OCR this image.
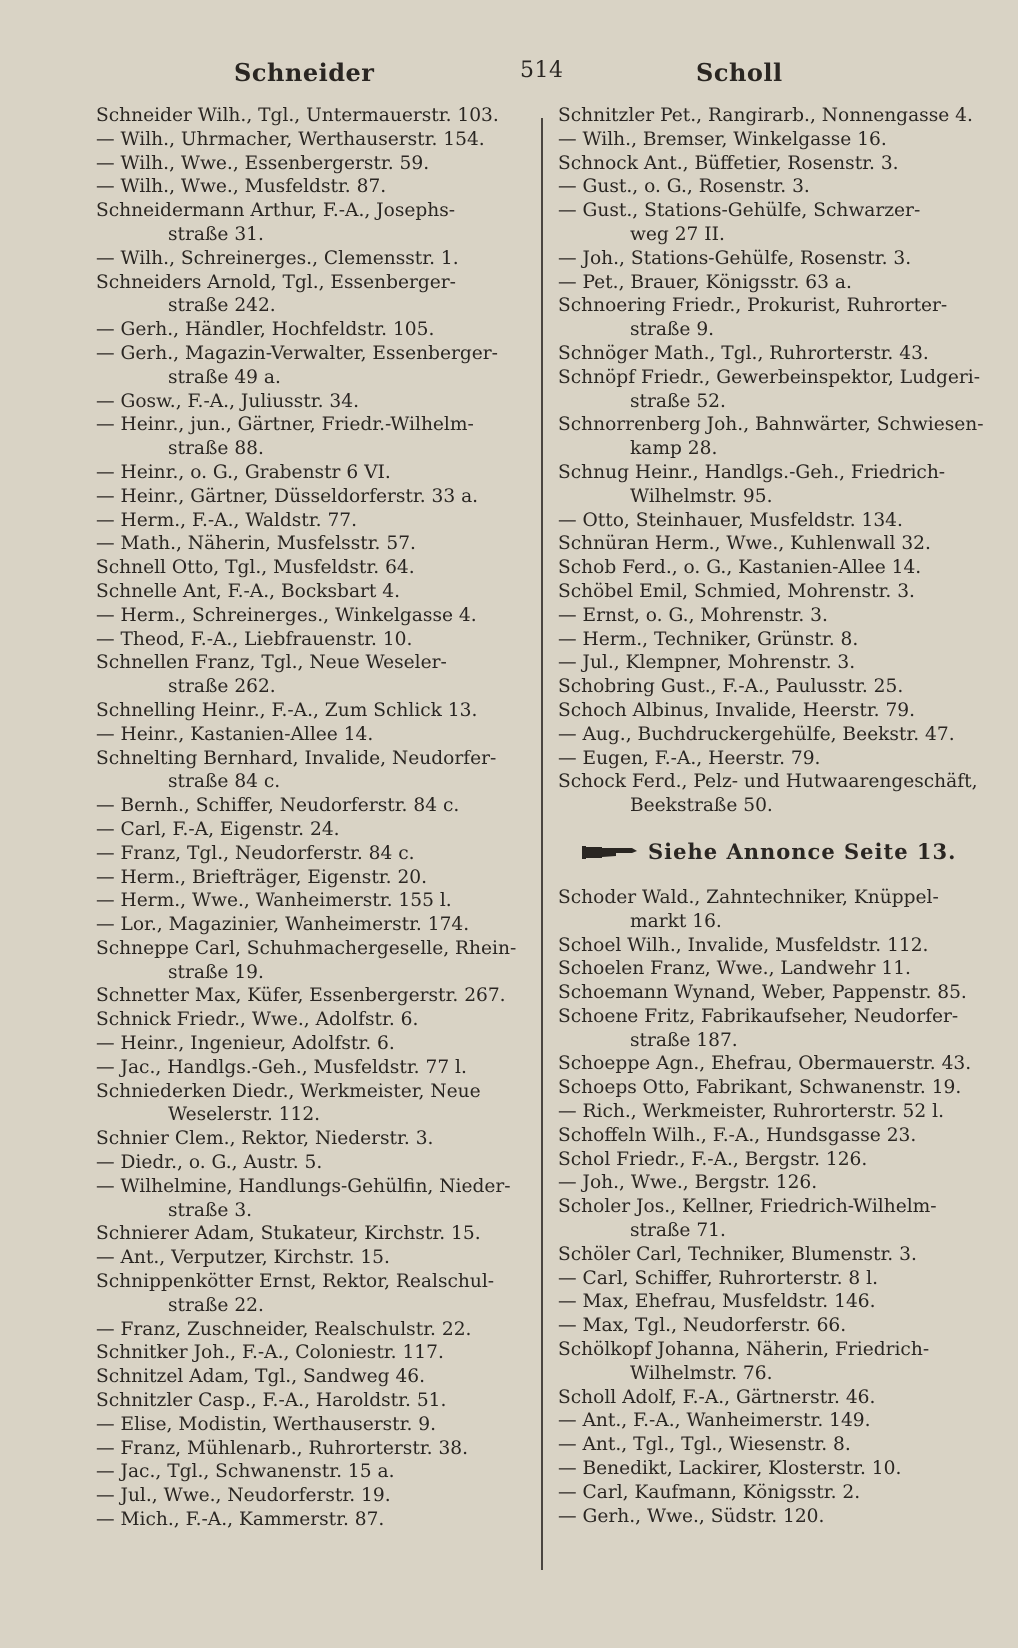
Schneider	514	Scholl
Schneider Wilh., Tgl., Untermauerstr. 103.
— Wilh., Uhrmacher, Werthauserstr. 154.
— Wilh., Wwe., Essenbergerstr. 59.
— Wilh., Wwe., Musfeldstr. 87.
Schneidermann Arthur, F.-A., Josephs-
straße 31.
— Wilh., Schreinerges., Clemensstr. 1.
Schneiders Arnold, Tgl., Essenberger-
straße 242.
— Gerh., Händler, Hochfeldstr. 105.
— Gerh., Magazin-Verwalter, Essenberger-
straße 49 a.
— Gosw., F.-A., Juliusstr. 34.
— Heinr., jun., Gärtner, Friedr.-Wilhelm-
straße 88.
— Heinr., o. G., Grabenstr 6 VI.
— Heinr., Gärtner, Düsseldorferstr. 33 a.
— Herm., F.-A., Waldstr. 77.
— Math., Näherin, Musfelsstr. 57.
Schnell Otto, Tgl., Musfeldstr. 64.
Schnelle Ant, F.-A., Bocksbart 4.
— Herm., Schreinerges., Winkelgasse 4.
— Theod, F.-A., Liebfrauenstr. 10.
Schnellen Franz, Tgl., Neue Weseler-
straße 262.
Schnelling Heinr., F.-A., Zum Schlick 13.
— Heinr., Kastanien-Allee 14.
Schnelting Bernhard, Invalide, Neudorfer-
straße 84 c.
— Bernh., Schiffer, Neudorferstr. 84 c.
— Carl, F.-A, Eigenstr. 24.
— Franz, Tgl., Neudorferstr. 84 c.
— Herm., Briefträger, Eigenstr. 20.
— Herm., Wwe., Wanheimerstr. 155 l.
— Lor., Magazinier, Wanheimerstr. 174.
Schneppe Carl, Schuhmachergeselle, Rhein-
straße 19.
Schnetter Max, Küfer, Essenbergerstr. 267.
Schnick Friedr., Wwe., Adolfstr. 6.
— Heinr., Ingenieur, Adolfstr. 6.
— Jac., Handlgs.-Geh., Musfeldstr. 77 l.
Schniederken Diedr., Werkmeister, Neue
Weselerstr. 112.
Schnier Clem., Rektor, Niederstr. 3.
— Diedr., o. G., Austr. 5.
— Wilhelmine, Handlungs-Gehülfin, Nieder-
straße 3.
Schnierer Adam, Stukateur, Kirchstr. 15.
— Ant., Verputzer, Kirchstr. 15.
Schnippenkötter Ernst, Rektor, Realschul-
straße 22.
— Franz, Zuschneider, Realschulstr. 22.
Schnitker Joh., F.-A., Coloniestr. 117.
Schnitzel Adam, Tgl., Sandweg 46.
Schnitzler Casp., F.-A., Haroldstr. 51.
— Elise, Modistin, Werthauserstr. 9.
— Franz, Mühlenarb., Ruhrorterstr. 38.
— Jac., Tgl., Schwanenstr. 15 a.
— Jul., Wwe., Neudorferstr. 19.
— Mich., F.-A., Kammerstr. 87.
Schnitzler Pet., Rangirarb., Nonnengasse 4.
— Wilh., Bremser, Winkelgasse 16.
Schnock Ant., Büffetier, Rosenstr. 3.
— Gust., o. G., Rosenstr. 3.
— Gust., Stations-Gehülfe, Schwarzer-
weg 27 II.
— Joh., Stations-Gehülfe, Rosenstr. 3.
— Pet., Brauer, Königsstr. 63 a.
Schnoering Friedr., Prokurist, Ruhrorter-
straße 9.
Schnöger Math., Tgl., Ruhrorterstr. 43.
Schnöpf Friedr., Gewerbeinspektor, Ludgeri-
straße 52.
Schnorrenberg Joh., Bahnwärter, Schwiesen-
kamp 28.
Schnug Heinr., Handlgs.-Geh., Friedrich-
Wilhelmstr. 95.
— Otto, Steinhauer, Musfeldstr. 134.
Schnüran Herm., Wwe., Kuhlenwall 32.
Schob Ferd., o. G., Kastanien-Allee 14.
Schöbel Emil, Schmied, Mohrenstr. 3.
— Ernst, o. G., Mohrenstr. 3.
— Herm., Techniker, Grünstr. 8.
— Jul., Klempner, Mohrenstr. 3.
Schobring Gust., F.-A., Paulusstr. 25.
Schoch Albinus, Invalide, Heerstr. 79.
— Aug., Buchdruckergehülfe, Beekstr. 47.
— Eugen, F.-A., Heerstr. 79.
Schock Ferd., Pelz- und Hutwaarengeschäft,
Beekstraße 50.
Siehe Annonce Seite 13.
Schoder Wald., Zahntechniker, Knüppel-
markt 16.
Schoel Wilh., Invalide, Musfeldstr. 112.
Schoelen Franz, Wwe., Landwehr 11.
Schoemann Wynand, Weber, Pappenstr. 85.
Schoene Fritz, Fabrikaufseher, Neudorfer-
straße 187.
Schoeppe Agn., Ehefrau, Obermauerstr. 43.
Schoeps Otto, Fabrikant, Schwanenstr. 19.
— Rich., Werkmeister, Ruhrorterstr. 52 l.
Schoffeln Wilh., F.-A., Hundsgasse 23.
Schol Friedr., F.-A., Bergstr. 126.
— Joh., Wwe., Bergstr. 126.
Scholer Jos., Kellner, Friedrich-Wilhelm-
straße 71.
Schöler Carl, Techniker, Blumenstr. 3.
— Carl, Schiffer, Ruhrorterstr. 8 l.
— Max, Ehefrau, Musfeldstr. 146.
— Max, Tgl., Neudorferstr. 66.
Schölkopf Johanna, Näherin, Friedrich-
Wilhelmstr. 76.
Scholl Adolf, F.-A., Gärtnerstr. 46.
— Ant., F.-A., Wanheimerstr. 149.
— Ant., Tgl., Tgl., Wiesenstr. 8.
— Benedikt, Lackirer, Klosterstr. 10.
— Carl, Kaufmann, Königsstr. 2.
— Gerh., Wwe., Südstr. 120.
